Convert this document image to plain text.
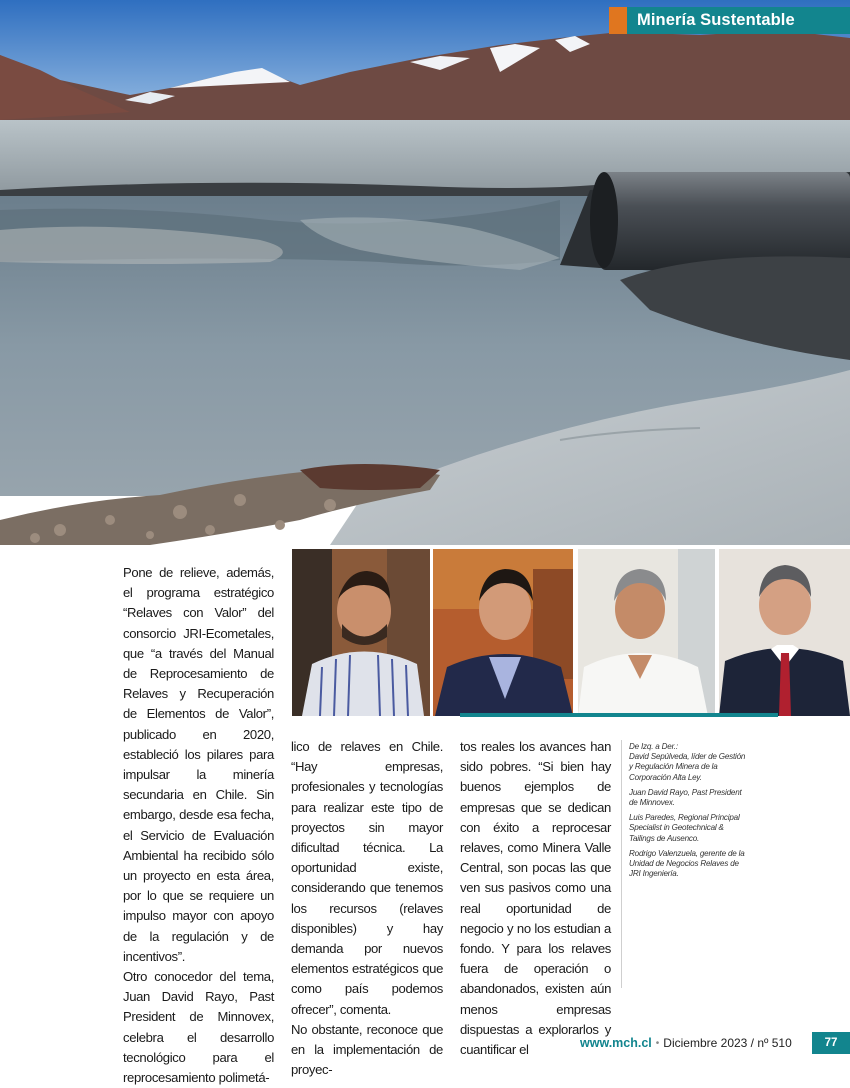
Minería Sustentable

Pone de relieve, además, el programa estratégico “Relaves con Valor” del consorcio JRI-Ecometales, que “a través del Manual de Reprocesamiento de Relaves y Recuperación de Elementos de Valor”, publicado en 2020, estableció los pilares para impulsar la minería secundaria en Chile. Sin embargo, desde esa fecha, el Servicio de Evaluación Ambiental ha recibido sólo un proyecto en esta área, por lo que se requiere un impulso mayor con apoyo de la regulación y de incentivos”.

Otro conocedor del tema, Juan David Rayo, Past President de Minnovex, celebra el desarrollo tecnológico para el reprocesamiento polimetá-

lico de relaves en Chile. “Hay empresas, profesionales y tecnologías para realizar este tipo de proyectos sin mayor dificultad técnica. La oportunidad existe, considerando que tenemos los recursos (relaves disponibles) y hay demanda por nuevos elementos estratégicos que como país podemos ofrecer”, comenta.

No obstante, reconoce que en la implementación de proyec-

tos reales los avances han sido pobres. “Si bien hay buenos ejemplos de empresas que se dedican con éxito a reprocesar relaves, como Minera Valle Central, son pocas las que ven sus pasivos como una real oportunidad de negocio y no los estudian a fondo. Y para los relaves fuera de operación o abandonados, existen aún menos empresas dispuestas a explorarlos y cuantificar el

De Izq. a Der.:
David Sepúlveda, líder de Gestión y Regulación Minera de la Corporación Alta Ley.
Juan David Rayo, Past President de Minnovex.
Luis Paredes, Regional Principal Specialist in Geotechnical & Tailings de Ausenco.
Rodrigo Valenzuela, gerente de la Unidad de Negocios Relaves de JRI Ingeniería.
www.mch.cl • Diciembre 2023 / nº 510	77
